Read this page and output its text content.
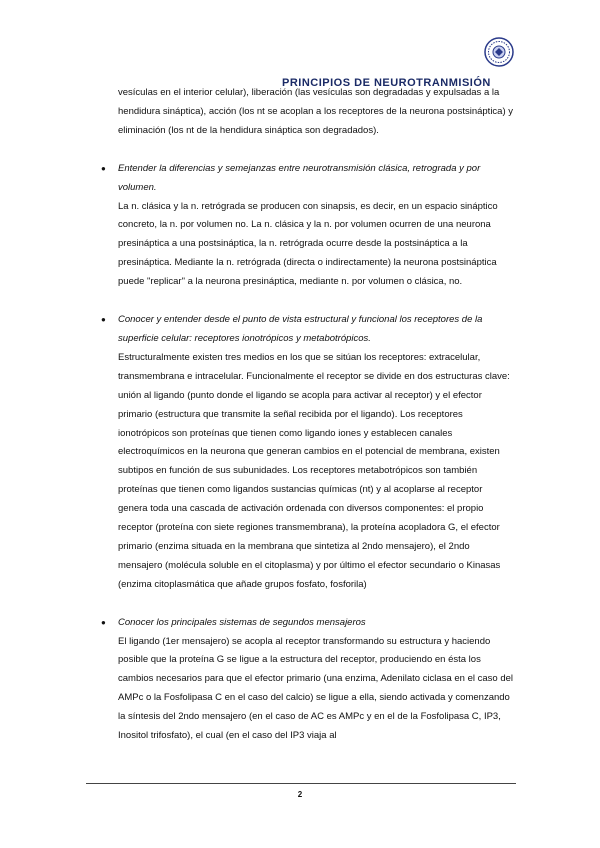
PRINCIPIOS DE NEUROTRANMISIÓN

vesículas en el interior celular), liberación (las vesículas son degradadas y expulsadas a la hendidura sináptica), acción (los nt se acoplan a los receptores de la neurona postsináptica) y eliminación (los nt de la hendidura sináptica son degradados).

● Entender la diferencias y semejanzas entre neurotransmisión clásica, retrograda y por volumen.
La n. clásica y la n. retrógrada se producen con sinapsis, es decir, en un espacio sináptico concreto, la n. por volumen no. La n. clásica y la n. por volumen ocurren de una neurona presináptica a una postsináptica, la n. retrógrada ocurre desde la postsináptica a la presináptica. Mediante la n. retrógrada (directa o indirectamente) la neurona postsináptica puede "replicar" a la neurona presináptica, mediante n. por volumen o clásica, no.
● Conocer y entender desde el punto de vista estructural y funcional los receptores de la superficie celular: receptores ionotrópicos y metabotrópicos.
Estructuralmente existen tres medios en los que se sitúan los receptores: extracelular, transmembrana e intracelular. Funcionalmente el receptor se divide en dos estructuras clave: unión al ligando (punto donde el ligando se acopla para activar al receptor) y el efector primario (estructura que transmite la señal recibida por el ligando). Los receptores ionotrópicos son proteínas que tienen como ligando iones y establecen canales electroquímicos en la neurona que generan cambios en el potencial de membrana, existen subtipos en función de sus subunidades. Los receptores metabotrópicos son también proteínas que tienen como ligandos sustancias químicas (nt) y al acoplarse al receptor genera toda una cascada de activación ordenada con diversos componentes: el propio receptor (proteína con siete regiones transmembrana), la proteína acopladora G, el efector primario (enzima situada en la membrana que sintetiza al 2ndo mensajero), el 2ndo mensajero (molécula soluble en el citoplasma) y por último el efector secundario o Kinasas (enzima citoplasmática que añade grupos fosfato, fosforila)
● Conocer los principales sistemas de segundos mensajeros
El ligando (1er mensajero) se acopla al receptor transformando su estructura y haciendo posible que la proteína G se ligue a la estructura del receptor, produciendo en ésta los cambios necesarios para que el efector primario (una enzima, Adenilato ciclasa en el caso del AMPc o la Fosfolipasa C en el caso del calcio) se ligue a ella, siendo activada y comenzando la síntesis del 2ndo mensajero (en el caso de AC es AMPc y en el de la Fosfolipasa C, IP3, Inositol trifosfato), el cual (en el caso del IP3 viaja al
2
